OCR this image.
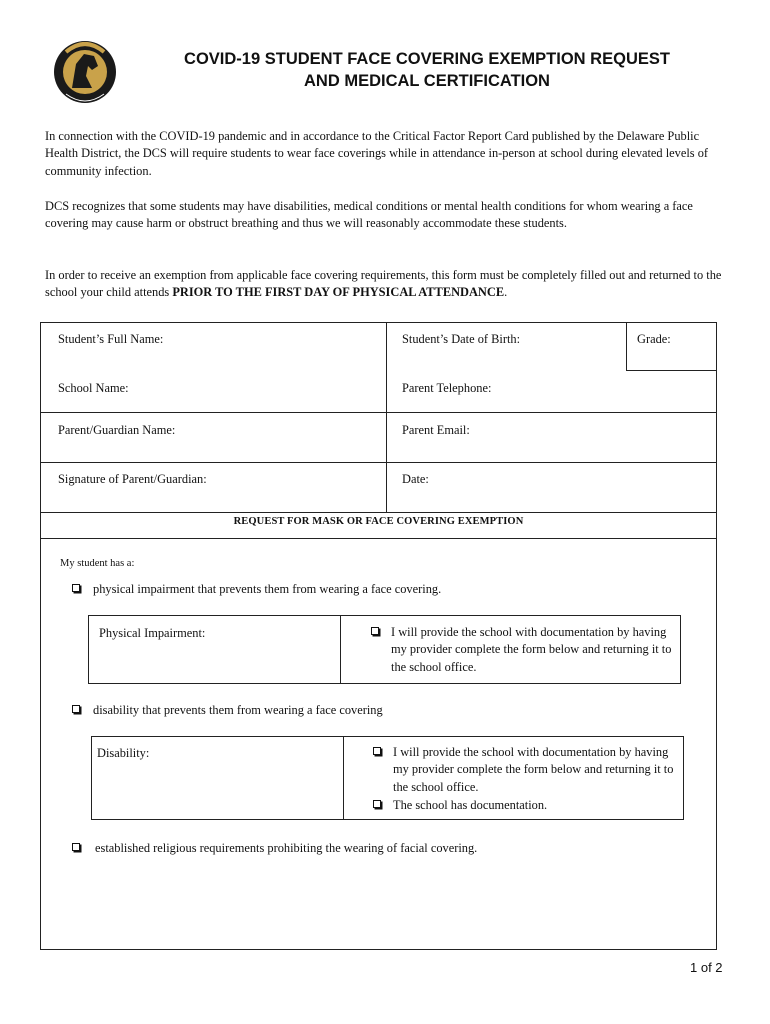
COVID-19 STUDENT FACE COVERING EXEMPTION REQUEST
AND MEDICAL CERTIFICATION
In connection with the COVID-19 pandemic and in accordance to the Critical Factor Report Card published by the Delaware Public Health District, the DCS will require students to wear face coverings while in attendance in-person at school during elevated levels of community infection.
DCS recognizes that some students may have disabilities, medical conditions or mental health conditions for whom wearing a face covering may cause harm or obstruct breathing and thus we will reasonably accommodate these students.
In order to receive an exemption from applicable face covering requirements, this form must be completely filled out and returned to the school your child attends PRIOR TO THE FIRST DAY OF PHYSICAL ATTENDANCE.
Student’s Full Name:	Student’s Date of Birth:	Grade:
School Name:	Parent Telephone:
Parent/Guardian Name:	Parent Email:
Signature of Parent/Guardian:	Date:
REQUEST FOR MASK OR FACE COVERING EXEMPTION
My student has a:
physical impairment that prevents them from wearing a face covering.
Physical Impairment:	I will provide the school with documentation by having my provider complete the form below and returning it to the school office.
disability that prevents them from wearing a face covering
Disability:	I will provide the school with documentation by having my provider complete the form below and returning it to the school office.
The school has documentation.
established religious requirements prohibiting the wearing of facial covering.
1 of 2
